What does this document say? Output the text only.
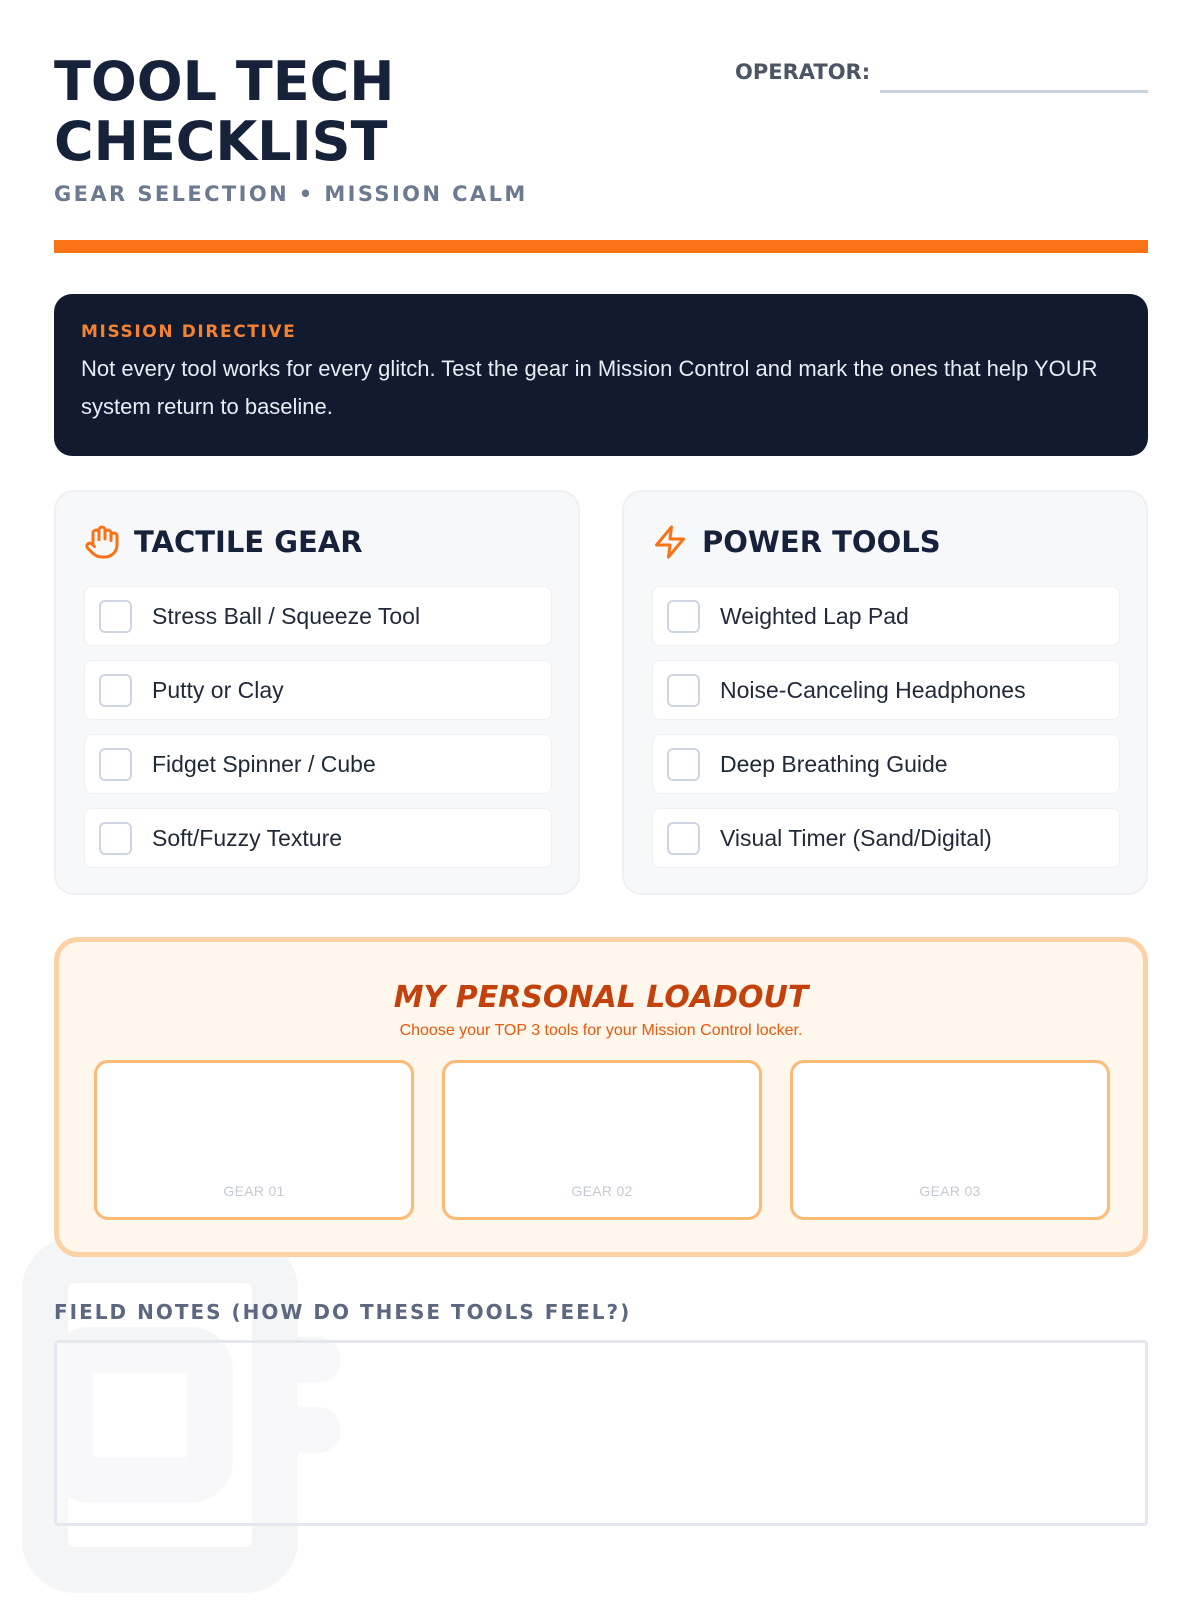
TOOL TECH
CHECKLIST
GEAR SELECTION • MISSION CALM
OPERATOR:
MISSION DIRECTIVE
Not every tool works for every glitch. Test the gear in Mission Control and mark the ones that help YOUR system return to baseline.
TACTILE GEAR
Stress Ball / Squeeze Tool
Putty or Clay
Fidget Spinner / Cube
Soft/Fuzzy Texture
POWER TOOLS
Weighted Lap Pad
Noise-Canceling Headphones
Deep Breathing Guide
Visual Timer (Sand/Digital)
MY PERSONAL LOADOUT
Choose your TOP 3 tools for your Mission Control locker.
GEAR 01	GEAR 02	GEAR 03
FIELD NOTES (HOW DO THESE TOOLS FEEL?)
